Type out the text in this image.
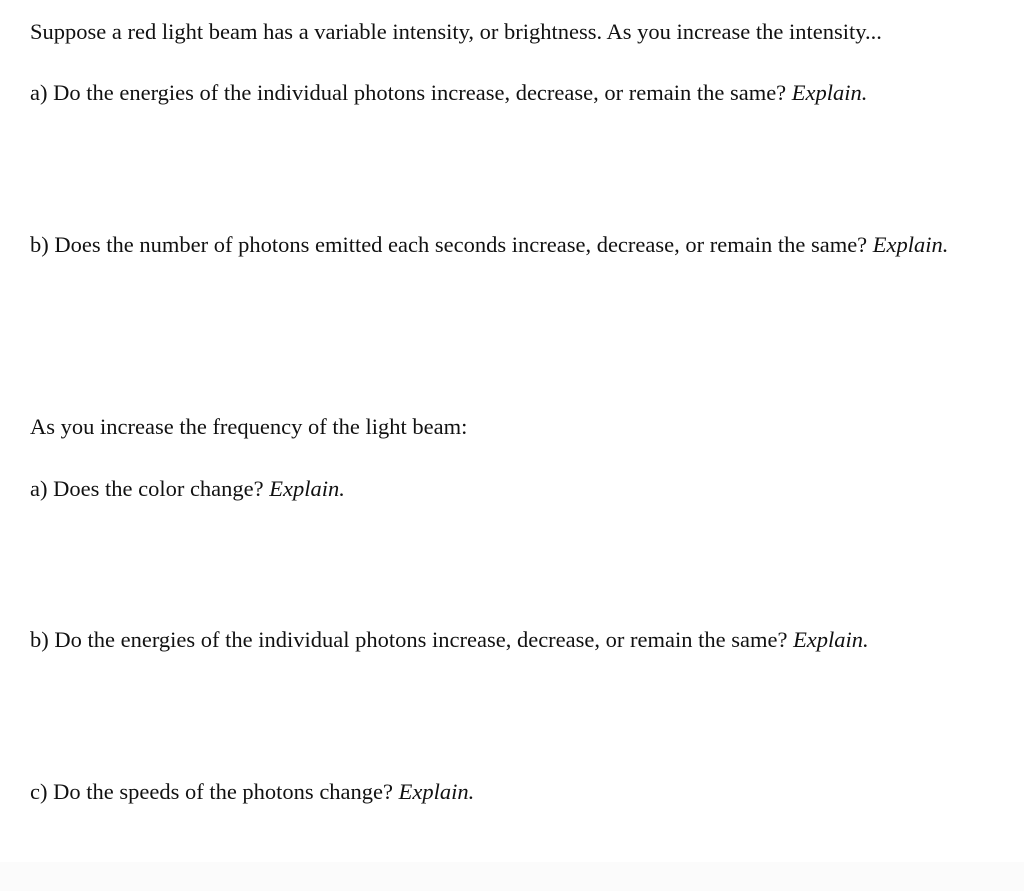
Suppose a red light beam has a variable intensity, or brightness. As you increase the intensity...

a) Do the energies of the individual photons increase, decrease, or remain the same? Explain.

b) Does the number of photons emitted each seconds increase, decrease, or remain the same? Explain.

As you increase the frequency of the light beam:

a) Does the color change? Explain.

b) Do the energies of the individual photons increase, decrease, or remain the same? Explain.

c) Do the speeds of the photons change? Explain.
